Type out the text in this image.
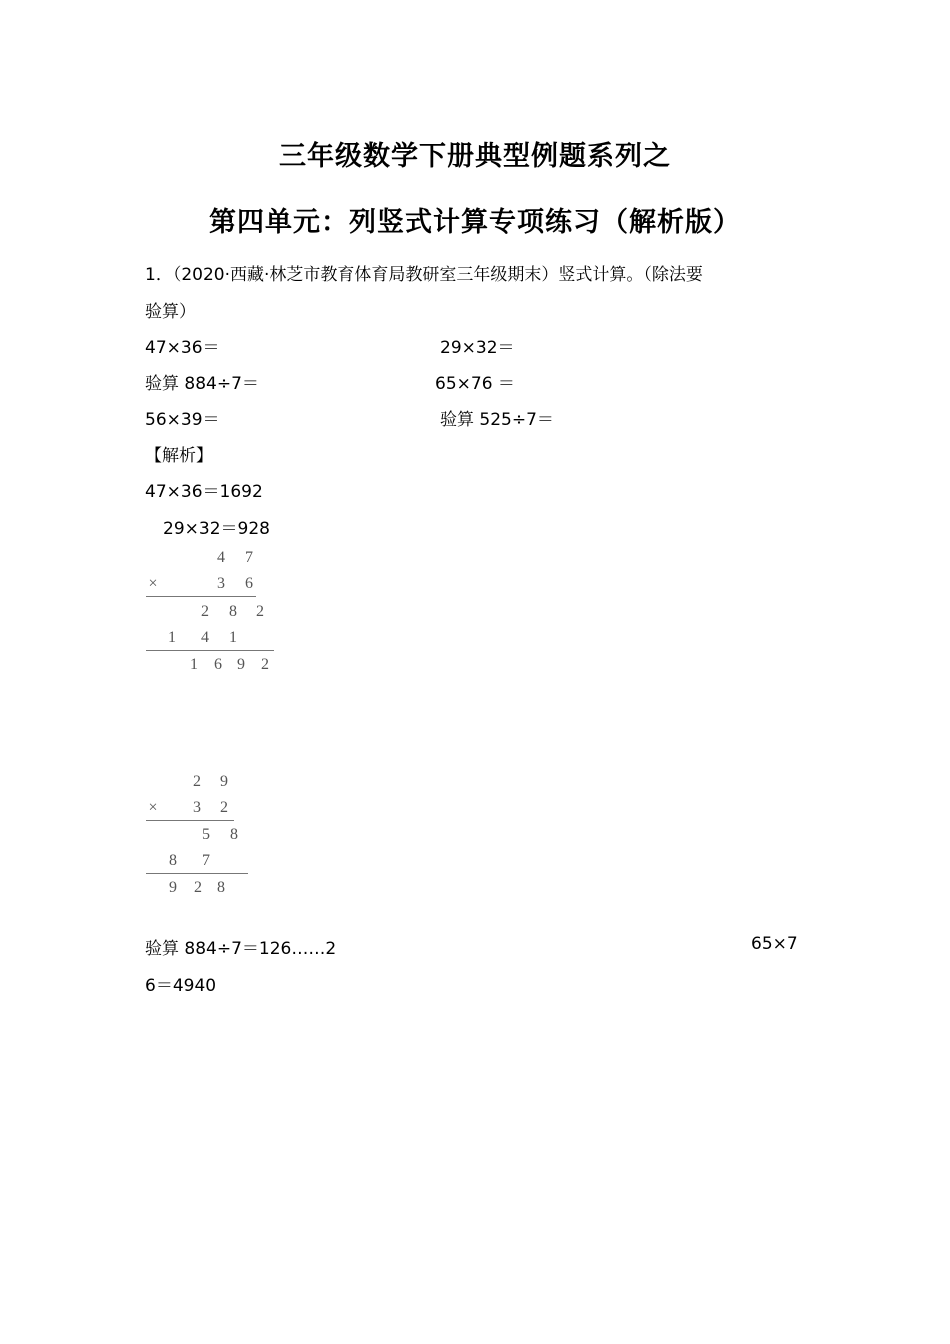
三年级数学下册典型例题系列之
第四单元：列竖式计算专项练习（解析版）
1．（2020·西藏·林芝市教育体育局教研室三年级期末）竖式计算。（除法要
验算）
47×36＝	29×32＝
验算 884÷7＝	65×76 ＝
56×39＝	验算 525÷7＝
【解析】
47×36＝1692
29×32＝928
4	7
×	3	6
2	8	2
1	4	1
1	6 9	2
2	9
×	3	2
5	8
8	7
9	2 8
验算 884÷7＝126……2	65×7
6＝4940
